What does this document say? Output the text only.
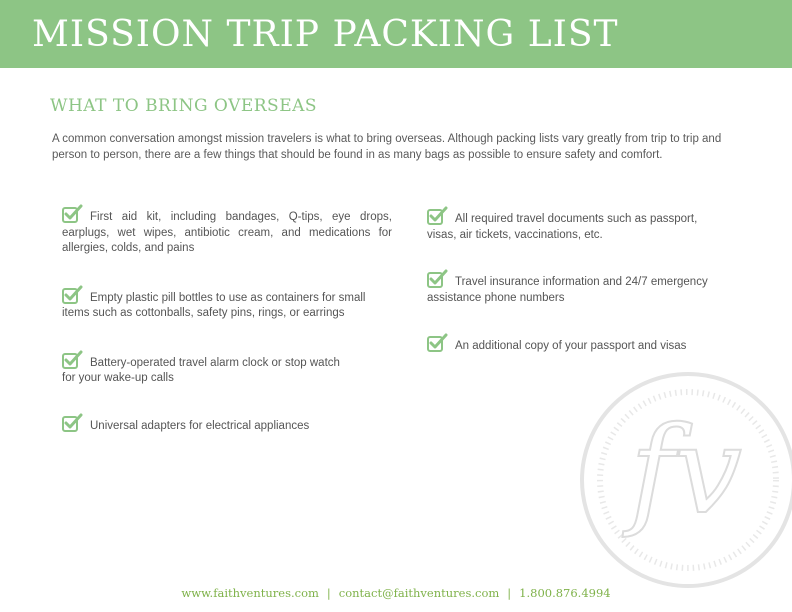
MISSION TRIP PACKING LIST
WHAT TO BRING OVERSEAS

A common conversation amongst mission travelers is what to bring overseas. Although packing lists vary greatly from trip to trip and person to person, there are a few things that should be found in as many bags as possible to ensure safety and comfort.

First aid kit, including bandages, Q-tips, eye drops, earplugs, wet wipes, antibiotic cream, and medications for allergies, colds, and pains
Empty plastic pill bottles to use as containers for small items such as cottonballs, safety pins, rings, or earrings
Battery-operated travel alarm clock or stop watch for your wake-up calls
Universal adapters for electrical appliances
All required travel documents such as passport, visas, air tickets, vaccinations, etc.
Travel insurance information and 24/7 emergency assistance phone numbers
An additional copy of your passport and visas
fv
www.faithventures.com | contact@faithventures.com | 1.800.876.4994
